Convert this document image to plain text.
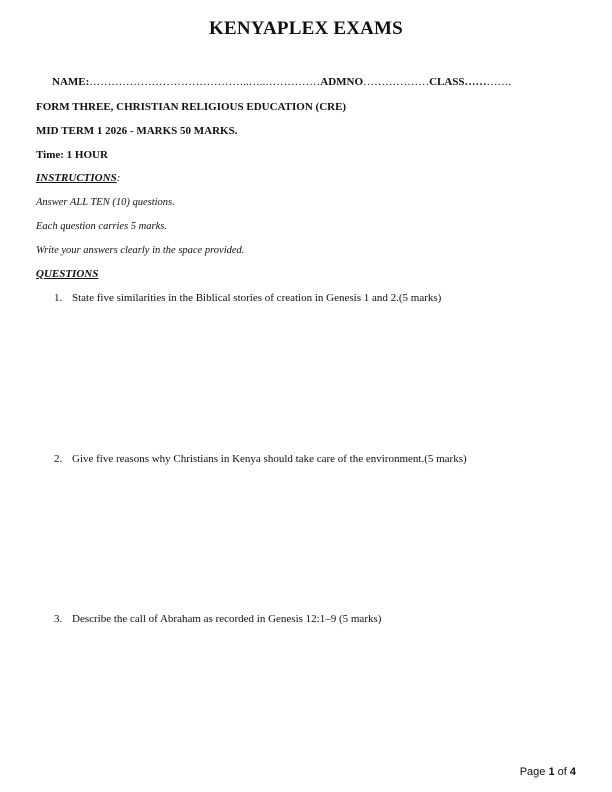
KENYAPLEX EXAMS
NAME:……………………………………..…..……………ADMNO………………CLASS………….
FORM THREE, CHRISTIAN RELIGIOUS EDUCATION (CRE)
MID TERM 1 2026 - MARKS 50 MARKS.
Time: 1 HOUR
INSTRUCTIONS:
Answer ALL TEN (10) questions.
Each question carries 5 marks.
Write your answers clearly in the space provided.
QUESTIONS
1. State five similarities in the Biblical stories of creation in Genesis 1 and 2.(5 marks)
2. Give five reasons why Christians in Kenya should take care of the environment.(5 marks)
3. Describe the call of Abraham as recorded in Genesis 12:1–9 (5 marks)
Page 1 of 4
